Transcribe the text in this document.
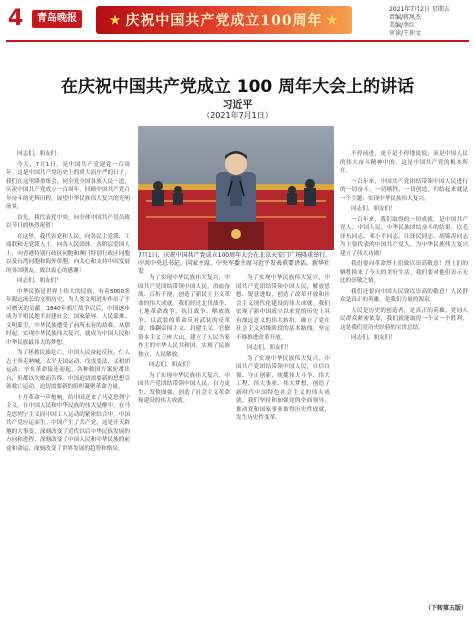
4	青岛晚报	★ 庆祝中国共产党成立100周年 ★
2021年7月2日 星期五
责编/蒋凤杰
美编/李红
审读/王仲文
在庆祝中国共产党成立 100 周年大会上的讲话
习近平
（2021年7月1日）
7月1日，庆祝中国共产党成立100周年大会在北京天安门广场隆重举行。中共中央总书记、国家主席、中央军委主席习近平发表重要讲话。新华社发

同志们，朋友们：

今天，7月1日，是中国共产党建党一百周年。这是中国共产党历史上的重大而庄严的日子，我们在这里隆重集会，同全党全国各族人民一道，庆祝中国共产党成立一百周年，回顾中国共产党百年奋斗的光辉历程，展望中华民族伟大复兴的光明前景。

首先，我代表党中央，向全体中国共产党员致以节日的热烈祝贺！

在这里，我代表党和人民，向各民主党派、工商联和无党派人士，向各人民团体、各阶层爱国人士，向香港特别行政区同胞和澳门特别行政区同胞以及台湾同胞和海外侨胞，向关心和支持中国发展的各国朋友，致以衷心的感谢！

同志们、朋友们！

中华民族是世界上伟大的民族，有着5000多年源远流长的文明历史，为人类文明进步作出了不可磨灭的贡献。1840年鸦片战争以后，中国逐步成为半殖民地半封建社会，国家蒙辱、人民蒙难、文明蒙尘，中华民族遭受了前所未有的劫难。从那时起，实现中华民族伟大复兴，就成为中国人民和中华民族最伟大的梦想。

为了拯救民族危亡，中国人民奋起反抗，仁人志士奔走呐喊，太平天国运动、戊戌变法、义和团运动、辛亥革命接连而起，各种救国方案轮番出台，但都以失败而告终。中国迫切需要新的思想引领救亡运动，迫切需要新的组织凝聚革命力量。

十月革命一声炮响，给中国送来了马克思列宁主义。在中国人民和中华民族的伟大觉醒中，在马克思列宁主义同中国工人运动的紧密结合中，中国共产党应运而生。中国产生了共产党，这是开天辟地的大事变，深刻改变了近代以后中华民族发展的方向和进程，深刻改变了中国人民和中华民族的前途和命运，深刻改变了世界发展的趋势和格局。

为了实现中华民族伟大复兴，中国共产党团结带领中国人民，浴血奋战、百折不挠，创造了新民主主义革命的伟大成就。我们经过北伐战争、土地革命战争、抗日战争、解放战争，以武装的革命反对武装的反革命，推翻帝国主义、封建主义、官僚资本主义三座大山，建立了人民当家作主的中华人民共和国，实现了民族独立、人民解放。

同志们、朋友们！

为了实现中华民族伟大复兴，中国共产党团结带领中国人民，自力更生、发愤图强，创造了社会主义革命和建设的伟大成就。

为了实现中华民族伟大复兴，中国共产党团结带领中国人民，解放思想、锐意进取，创造了改革开放和社会主义现代化建设的伟大成就。我们实现了新中国成立以来党的历史上具有深远意义的伟大转折，确立了党在社会主义初级阶段的基本路线，坚定不移推进改革开放。

同志们、朋友们！

为了实现中华民族伟大复兴，中国共产党团结带领中国人民，自信自强、守正创新，统揽伟大斗争、伟大工程、伟大事业、伟大梦想，创造了新时代中国特色社会主义的伟大成就。我们坚持和加强党的全面领导，推动党和国家事业取得历史性成就、发生历史性变革。

不停前进，更不是不停地说说，而是中国人民的伟大奋斗精神中的，这是中国共产党的根本所在。

一百年来，中国共产党团结带领中国人民进行的一切奋斗、一切牺牲、一切创造，归结起来就是一个主题：实现中华民族伟大复兴。

同志们、朋友们！

一百年来，我们取得的一切成就，是中国共产党人、中国人民、中华民族团结奋斗的结果。以毛泽东同志、邓小平同志、江泽民同志、胡锦涛同志为主要代表的中国共产党人，为中华民族伟大复兴建立了伟大功勋！

我们要向革命烈士们致以崇高敬意！烈士们的牺牲换来了今天的美好生活。我们要对他们表示无比的崇敬之情。

我们还要向中国人民致以崇高的敬意！人民群众是真正的英雄，是我们力量的源泉。

人民是历史的创造者，是真正的英雄。党同人民群众紧密依靠，我们就能取得一个又一个胜利，这是我们党历史经验的宝贵总结。

同志们、朋友们！

（下转第五版）
